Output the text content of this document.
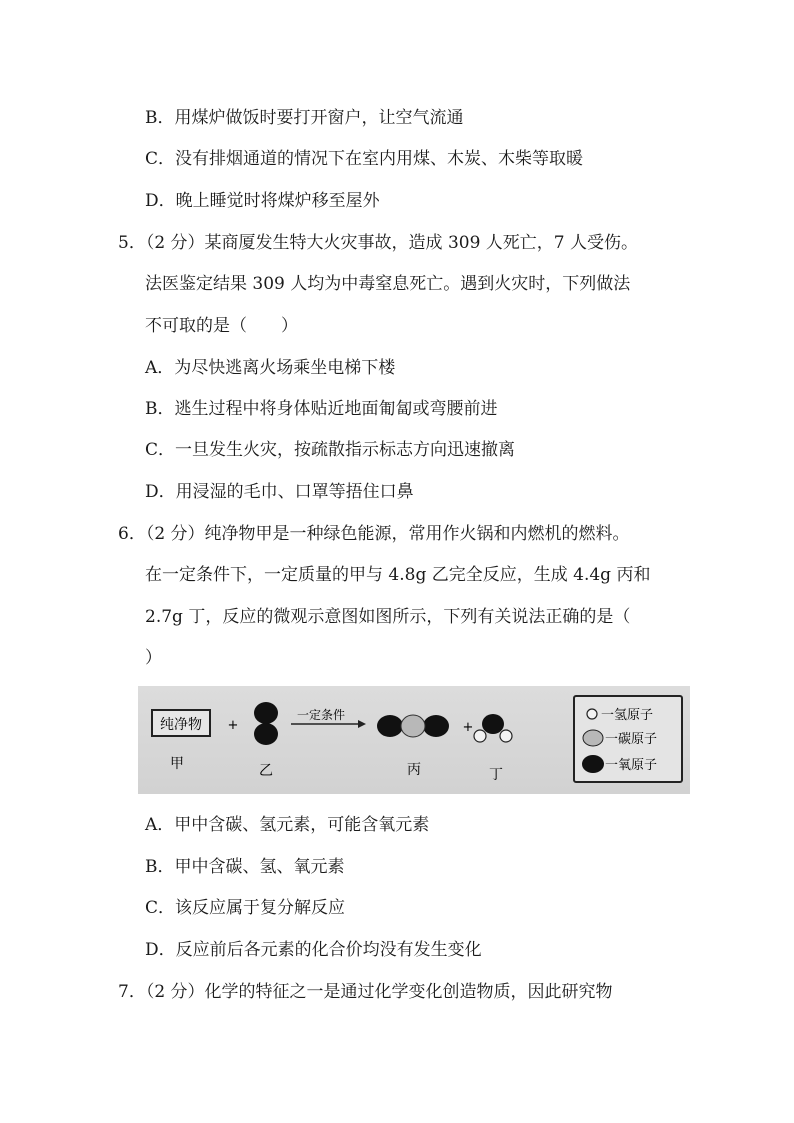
B．用煤炉做饭时要打开窗户，让空气流通
C．没有排烟通道的情况下在室内用煤、木炭、木柴等取暖
D．晚上睡觉时将煤炉移至屋外
5．（2 分）某商厦发生特大火灾事故，造成 309 人死亡，7 人受伤。
法医鉴定结果 309 人均为中毒窒息死亡。遇到火灾时，下列做法
不可取的是（　　）
A．为尽快逃离火场乘坐电梯下楼
B．逃生过程中将身体贴近地面匍匐或弯腰前进
C．一旦发生火灾，按疏散指示标志方向迅速撤离
D．用浸湿的毛巾、口罩等捂住口鼻
6．（2 分）纯净物甲是一种绿色能源，常用作火锅和内燃机的燃料。
在一定条件下，一定质量的甲与 4.8g 乙完全反应，生成 4.4g 丙和
2.7g 丁，反应的微观示意图如图所示，下列有关说法正确的是（
）
纯净物
甲
+
乙
一定条件
丙
+
丁
一氢原子
一碳原子
一氧原子
A．甲中含碳、氢元素，可能含氧元素
B．甲中含碳、氢、氧元素
C．该反应属于复分解反应
D．反应前后各元素的化合价均没有发生变化
7．（2 分）化学的特征之一是通过化学变化创造物质，因此研究物
